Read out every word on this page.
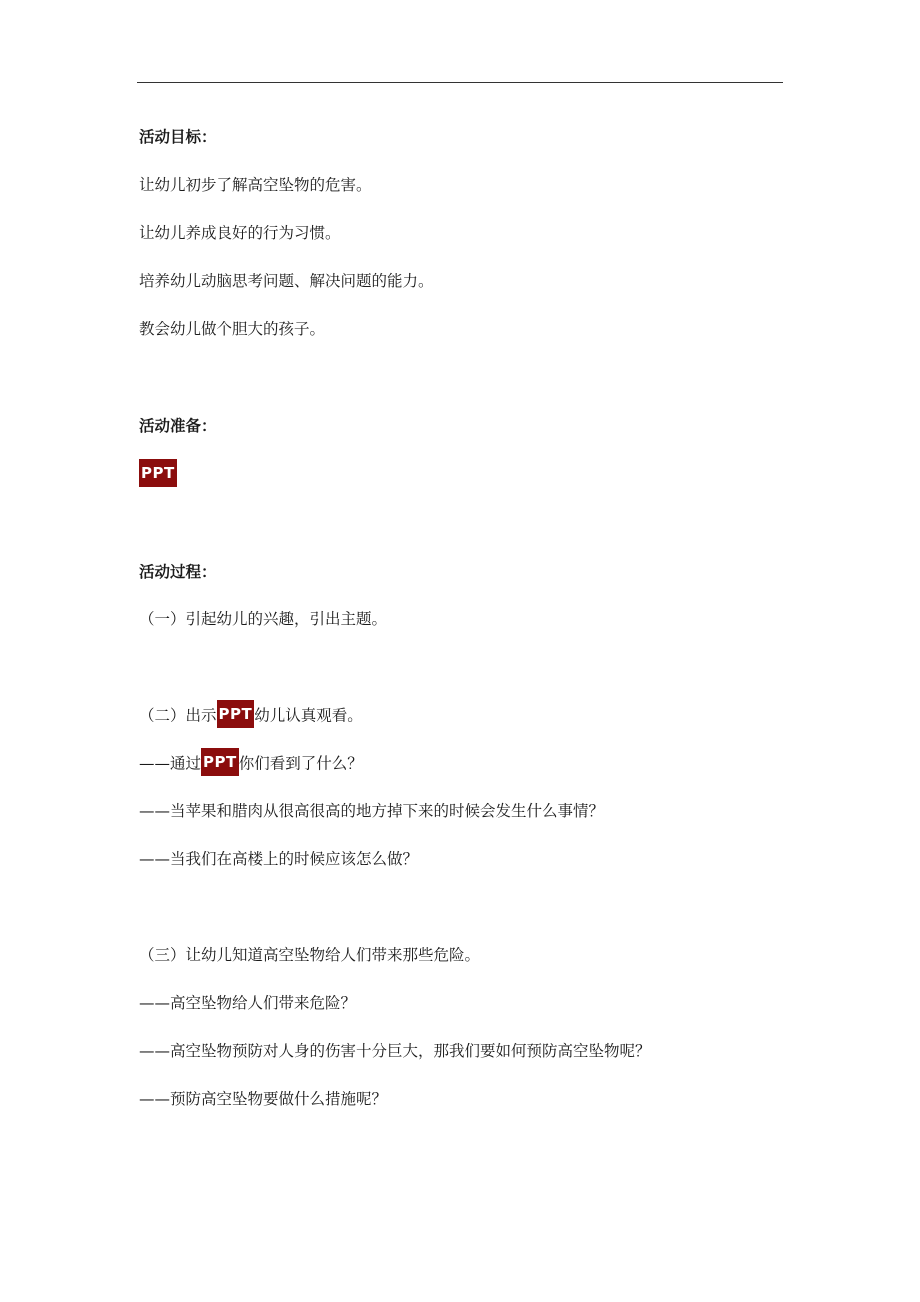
活动目标：
让幼儿初步了解高空坠物的危害。
让幼儿养成良好的行为习惯。
培养幼儿动脑思考问题、解决问题的能力。
教会幼儿做个胆大的孩子。
活动准备：
PPT
活动过程：
（一）引起幼儿的兴趣，引出主题。
（二）出示 PPT 幼儿认真观看。
——通过 PPT 你们看到了什么？
——当苹果和腊肉从很高很高的地方掉下来的时候会发生什么事情？
——当我们在高楼上的时候应该怎么做？
（三）让幼儿知道高空坠物给人们带来那些危险。
——高空坠物给人们带来危险？
——高空坠物预防对人身的伤害十分巨大，那我们要如何预防高空坠物呢？
——预防高空坠物要做什么措施呢？
